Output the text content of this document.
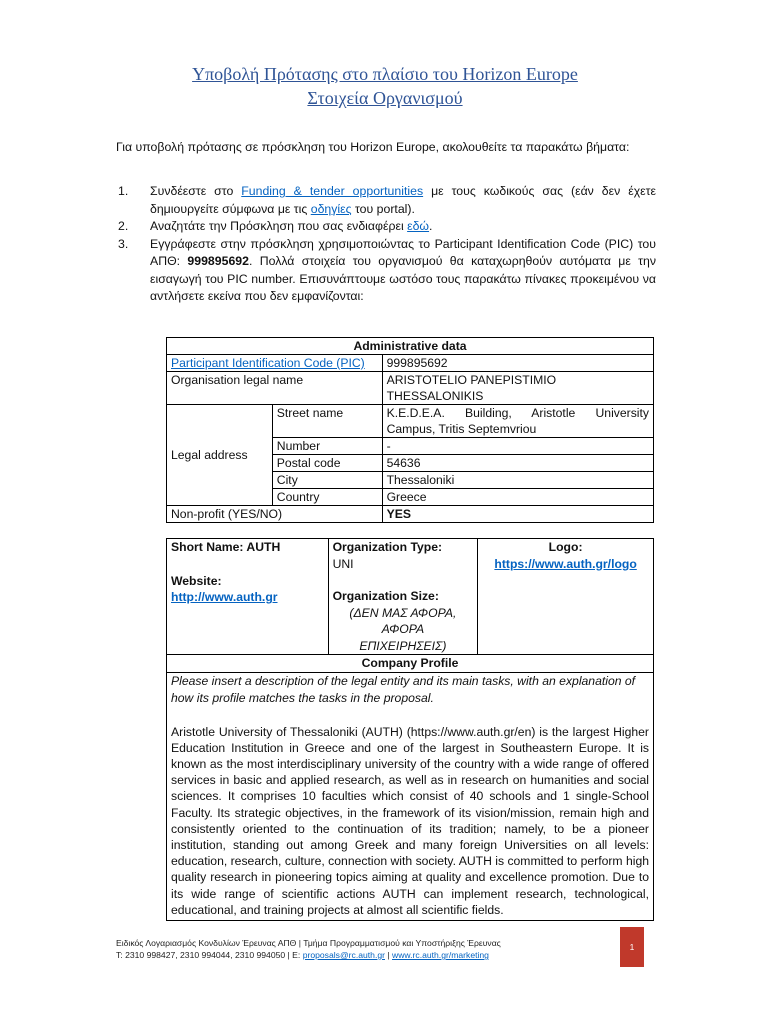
Υποβολή Πρότασης στο πλαίσιο του Horizon Europe
Στοιχεία Οργανισμού
Για υποβολή πρότασης σε πρόσκληση του Horizon Europe, ακολουθείτε τα παρακάτω βήματα:
1.	Συνδέεστε στο Funding & tender opportunities με τους κωδικούς σας (εάν δεν έχετε δημιουργείτε σύμφωνα με τις οδηγίες του portal).
2.	Αναζητάτε την Πρόσκληση που σας ενδιαφέρει εδώ.
3.	Εγγράφεστε στην πρόσκληση χρησιμοποιώντας το Participant Identification Code (PIC) του ΑΠΘ: 999895692. Πολλά στοιχεία του οργανισμού θα καταχωρηθούν αυτόματα με την εισαγωγή του PIC number. Επισυνάπτουμε ωστόσο τους παρακάτω πίνακες προκειμένου να αντλήσετε εκείνα που δεν εμφανίζονται:
Administrative data		
Participant Identification Code (PIC)		999895692
Organisation legal name		ARISTOTELIO PANEPISTIMIO THESSALONIKIS
Legal address	Street name	K.E.D.E.A. Building, Aristotle University Campus, Tritis Septemvriou
	Number	-
	Postal code	54636
	City	Thessaloniki
	Country	Greece
Non-profit (YES/NO)		YES
Short Name: AUTH
Website:
http://www.auth.gr

Organization Type:
UNI
Organization Size:
(ΔΕΝ ΜΑΣ ΑΦΟΡΑ, ΑΦΟΡΑ ΕΠΙΧΕΙΡΗΣΕΙΣ)

Logo:
https://www.auth.gr/logo

Company Profile

Please insert a description of the legal entity and its main tasks, with an explanation of how its profile matches the tasks in the proposal.
Aristotle University of Thessaloniki (AUTH) (https://www.auth.gr/en) is the largest Higher Education Institution in Greece and one of the largest in Southeastern Europe. It is known as the most interdisciplinary university of the country with a wide range of offered services in basic and applied research, as well as in research on humanities and social sciences. It comprises 10 faculties which consist of 40 schools and 1 single-School Faculty. Its strategic objectives, in the framework of its vision/mission, remain high and consistently oriented to the continuation of its tradition; namely, to be a pioneer institution, standing out among Greek and many foreign Universities on all levels: education, research, culture, connection with society. AUTH is committed to perform high quality research in pioneering topics aiming at quality and excellence promotion. Due to its wide range of scientific actions AUTH can implement research, technological, educational, and training projects at almost all scientific fields.
Ειδικός Λογαριασμός Κονδυλίων Έρευνας ΑΠΘ | Τμήμα Προγραμματισμού και Υποστήριξης Έρευνας
T: 2310 998427, 2310 994044, 2310 994050 | E: proposals@rc.auth.gr | www.rc.auth.gr/marketing
1
